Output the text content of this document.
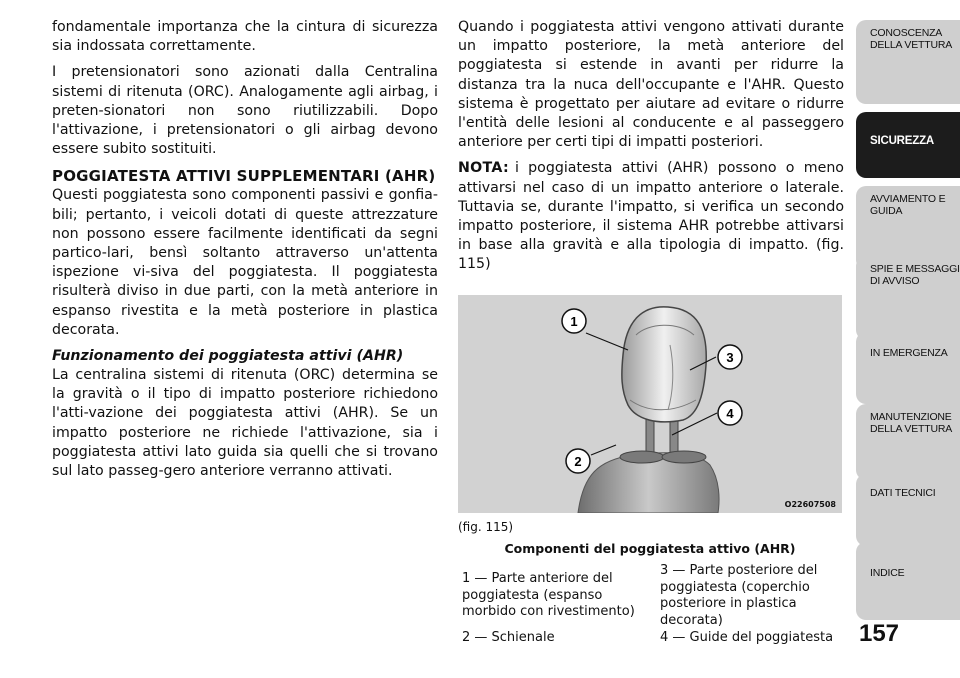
fondamentale importanza che la cintura di sicurezza sia indossata correttamente.

I pretensionatori sono azionati dalla Centralina sistemi di ritenuta (ORC). Analogamente agli airbag, i preten-sionatori non sono riutilizzabili. Dopo l'attivazione, i pretensionatori o gli airbag devono essere subito sostituiti.

POGGIATESTA ATTIVI SUPPLEMENTARI (AHR)

Questi poggiatesta sono componenti passivi e gonfia-bili; pertanto, i veicoli dotati di queste attrezzature non possono essere facilmente identificati da segni partico-lari, bensì soltanto attraverso un'attenta ispezione vi-siva del poggiatesta. Il poggiatesta risulterà diviso in due parti, con la metà anteriore in espanso rivestita e la metà posteriore in plastica decorata.

Funzionamento dei poggiatesta attivi (AHR)

La centralina sistemi di ritenuta (ORC) determina se la gravità o il tipo di impatto posteriore richiedono l'atti-vazione dei poggiatesta attivi (AHR). Se un impatto posteriore ne richiede l'attivazione, sia i poggiatesta attivi lato guida sia quelli che si trovano sul lato passeg-gero anteriore verranno attivati.

Quando i poggiatesta attivi vengono attivati durante un impatto posteriore, la metà anteriore del poggiatesta si estende in avanti per ridurre la distanza tra la nuca dell'occupante e l'AHR. Questo sistema è progettato per aiutare ad evitare o ridurre l'entità delle lesioni al conducente e al passeggero anteriore per certi tipi di impatti posteriori.

NOTA: i poggiatesta attivi (AHR) possono o meno attivarsi nel caso di un impatto anteriore o laterale. Tuttavia se, durante l'impatto, si verifica un secondo impatto posteriore, il sistema AHR potrebbe attivarsi in base alla gravità e alla tipologia di impatto. (fig. 115)

1
2
3
4
O22607508
(fig. 115)
Componenti del poggiatesta attivo (AHR)
1 — Parte anteriore del poggiatesta (espanso morbido con rivestimento)
2 — Schienale
3 — Parte posteriore del poggiatesta (coperchio posteriore in plastica decorata)
4 — Guide del poggiatesta
CONOSCENZA DELLA VETTURA
SICUREZZA
AVVIAMENTO E GUIDA
SPIE E MESSAGGI DI AVVISO
IN EMERGENZA
MANUTENZIONE DELLA VETTURA
DATI TECNICI
INDICE
157
